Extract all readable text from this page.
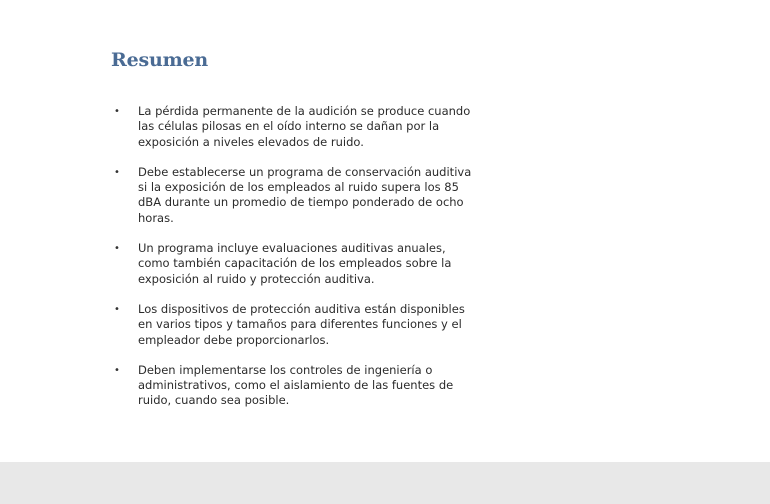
Resumen
•	La pérdida permanente de la audición se produce cuando las células pilosas en el oído interno se dañan por la exposición a niveles elevados de ruido.
•	Debe establecerse un programa de conservación auditiva si la exposición de los empleados al ruido supera los 85 dBA durante un promedio de tiempo ponderado de ocho horas.
•	Un programa incluye evaluaciones auditivas anuales, como también capacitación de los empleados sobre la exposición al ruido y protección auditiva.
•	Los dispositivos de protección auditiva están disponibles en varios tipos y tamaños para diferentes funciones y el empleador debe proporcionarlos.
•	Deben implementarse los controles de ingeniería o administrativos, como el aislamiento de las fuentes de ruido, cuando sea posible.
